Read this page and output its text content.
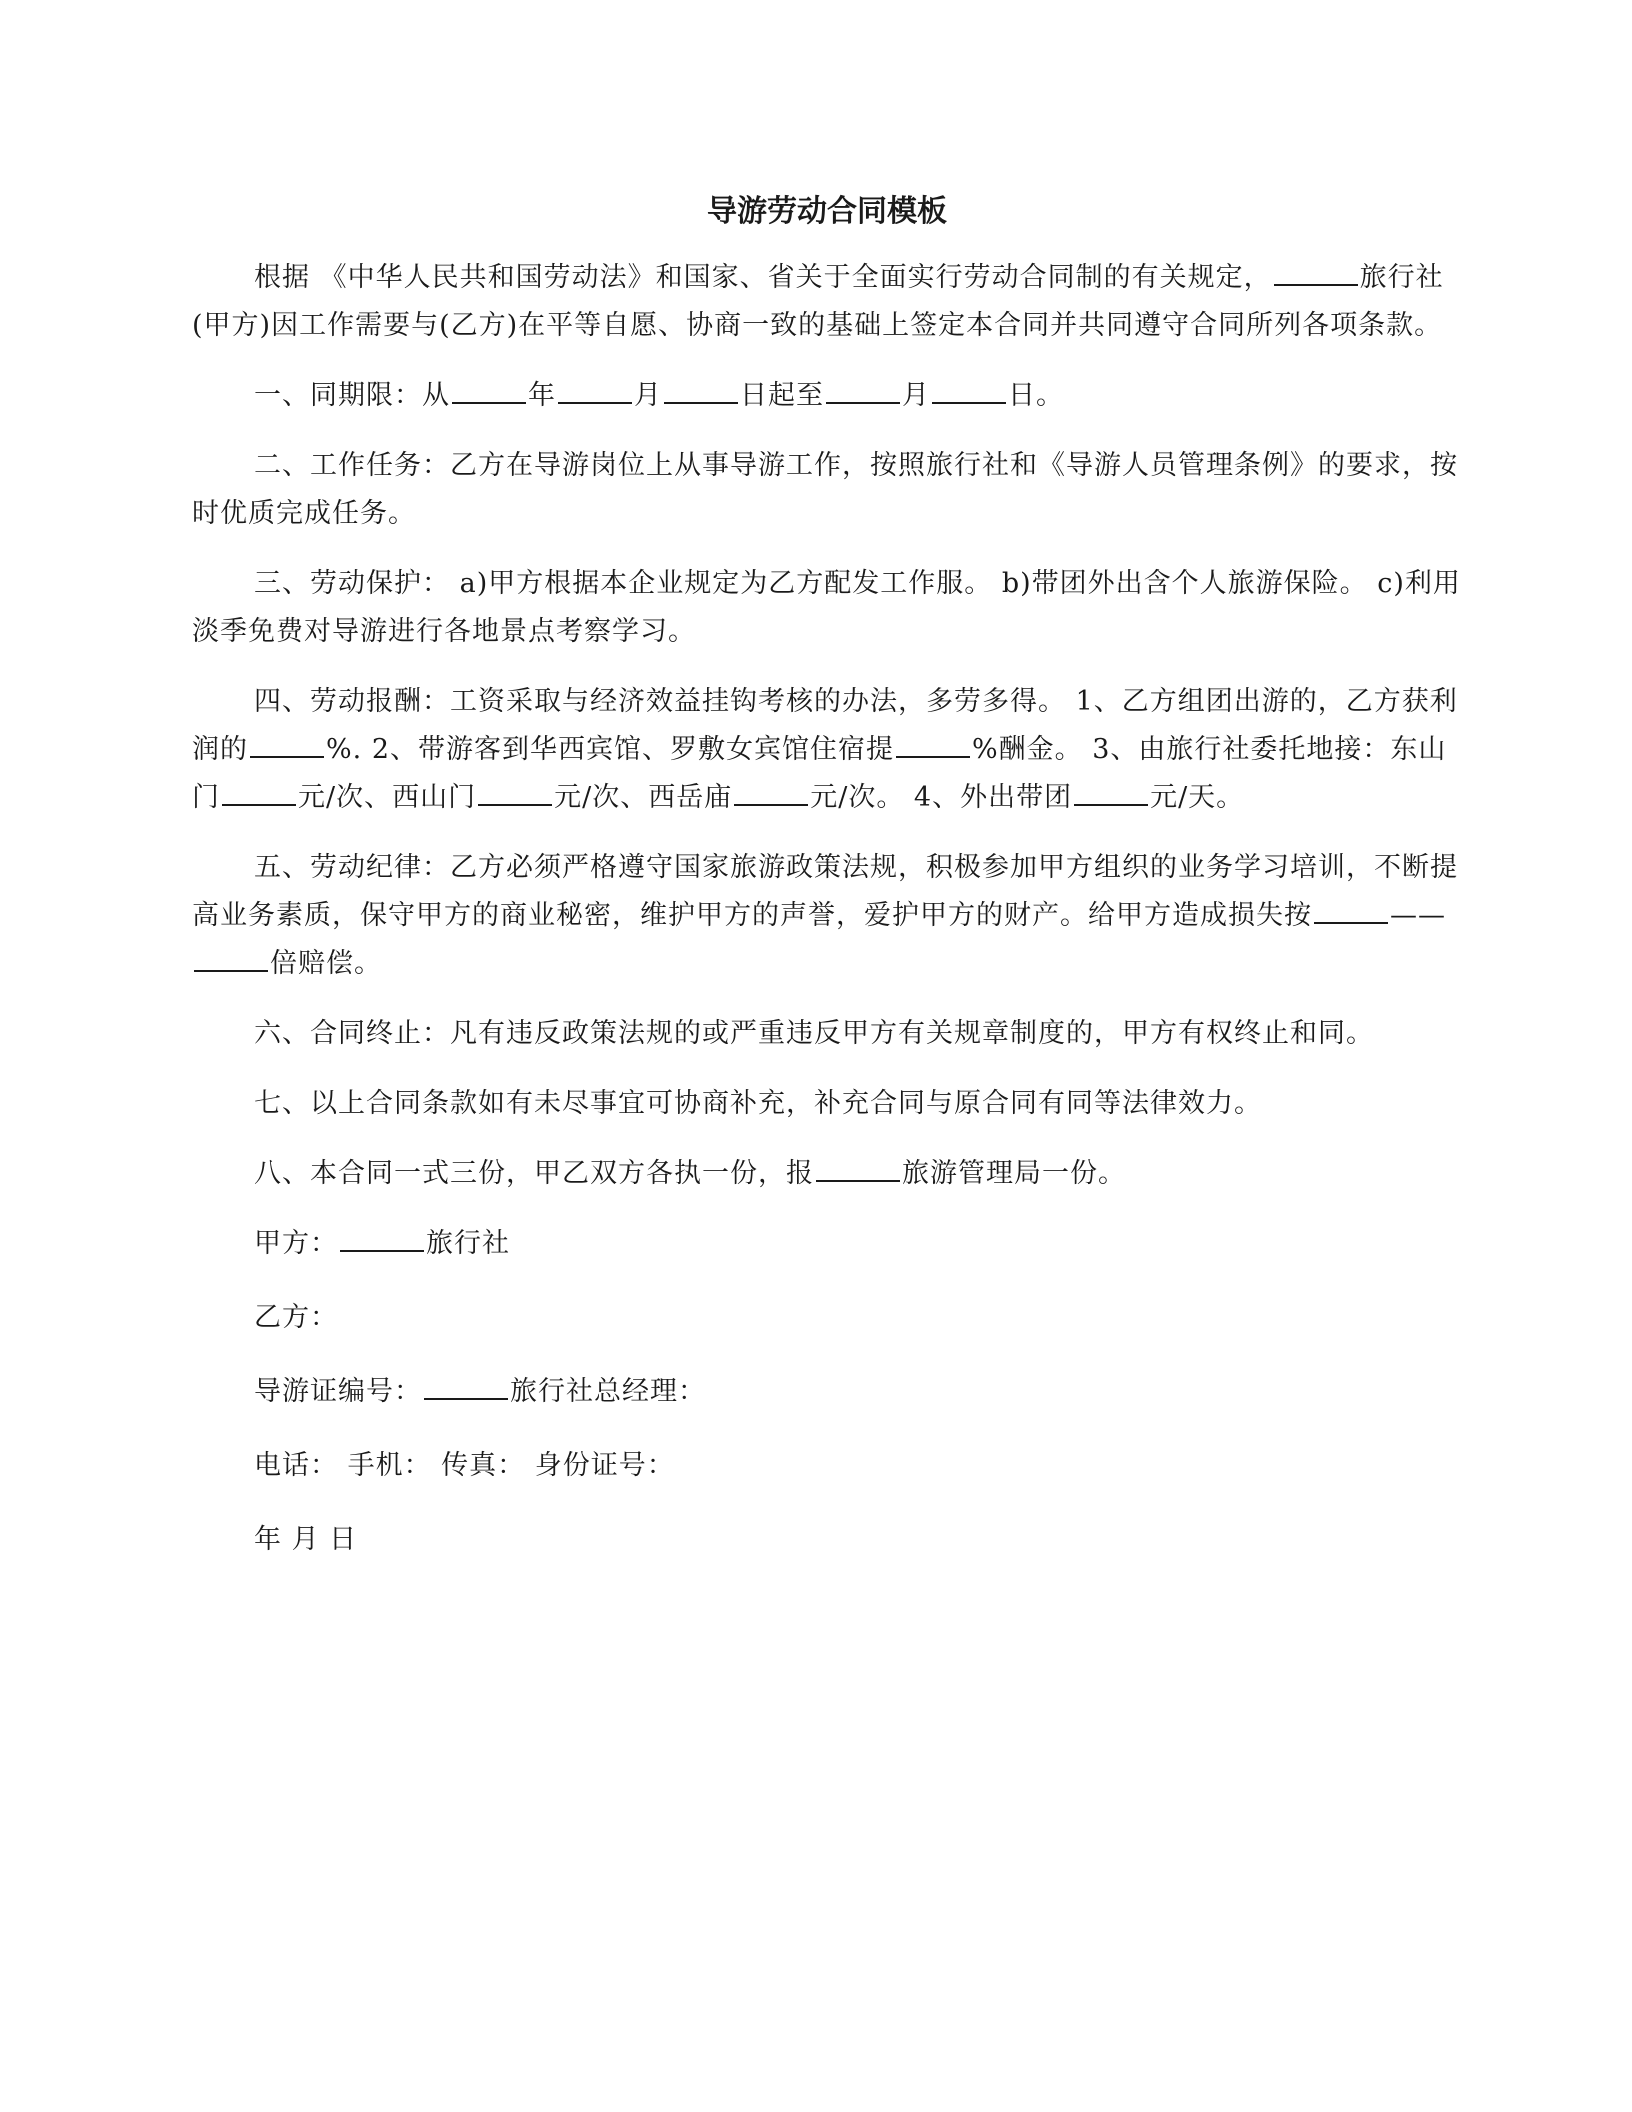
导游劳动合同模板

根据 《中华人民共和国劳动法》和国家、省关于全面实行劳动合同制的有关规定，	旅行社(甲方)因工作需要与(乙方)在平等自愿、协商一致的基础上签定本合同并共同遵守合同所列各项条款。

一、同期限：从	年	月	日起至	月	日。

二、工作任务：乙方在导游岗位上从事导游工作，按照旅行社和《导游人员管理条例》的要求，按时优质完成任务。

三、劳动保护： a)甲方根据本企业规定为乙方配发工作服。 b)带团外出含个人旅游保险。 c)利用淡季免费对导游进行各地景点考察学习。

四、劳动报酬：工资采取与经济效益挂钩考核的办法，多劳多得。 1、乙方组团出游的，乙方获利润的	%. 2、带游客到华西宾馆、罗敷女宾馆住宿提	%酬金。 3、由旅行社委托地接：东山门	元/次、西山门	元/次、西岳庙	元/次。 4、外出带团	元/天。

五、劳动纪律：乙方必须严格遵守国家旅游政策法规，积极参加甲方组织的业务学习培训，不断提高业务素质，保守甲方的商业秘密，维护甲方的声誉，爱护甲方的财产。给甲方造成损失按	——倍赔偿。

六、合同终止：凡有违反政策法规的或严重违反甲方有关规章制度的，甲方有权终止和同。

七、以上合同条款如有未尽事宜可协商补充，补充合同与原合同有同等法律效力。

八、本合同一式三份，甲乙双方各执一份，报	旅游管理局一份。

甲方：	旅行社
乙方：
导游证编号：	旅行社总经理：
电话： 手机： 传真： 身份证号：
年 月 日
